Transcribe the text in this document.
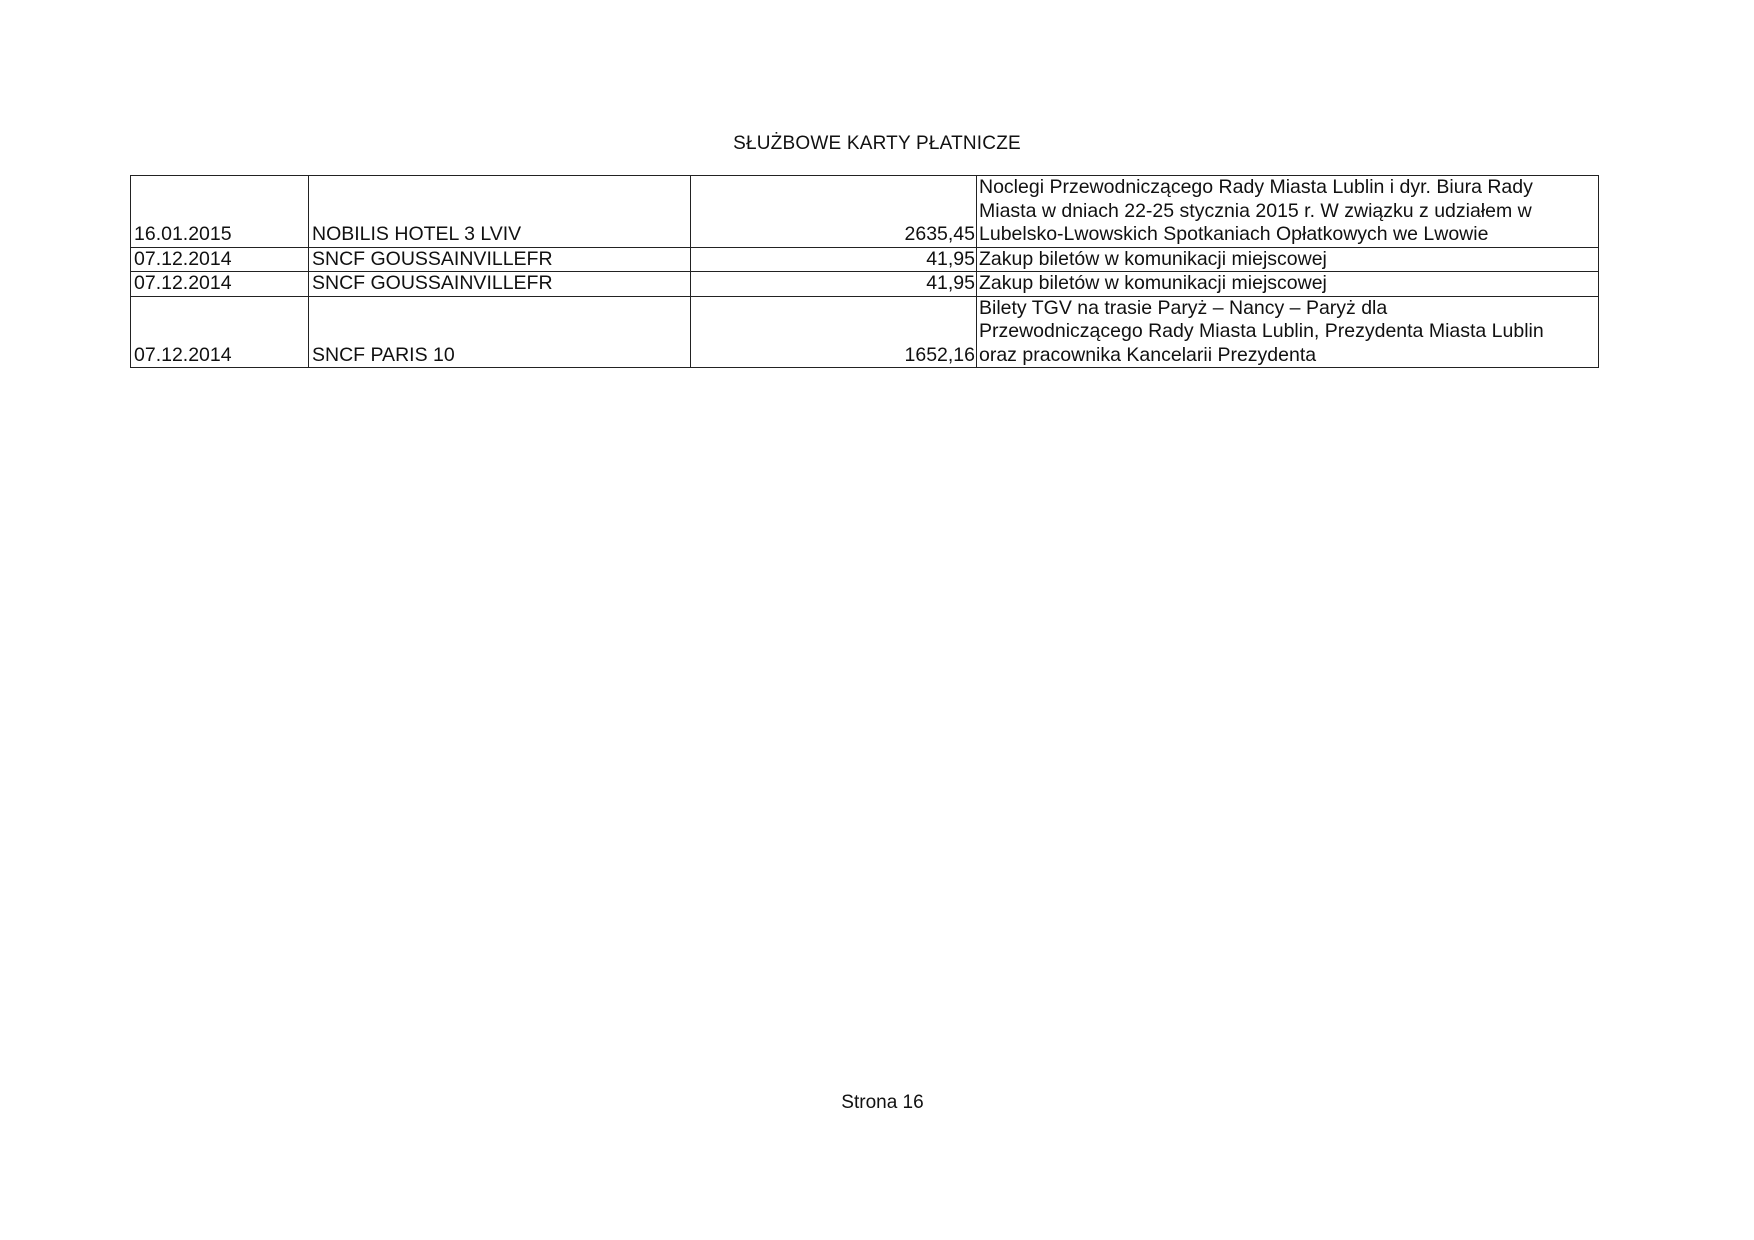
SŁUŻBOWE KARTY PŁATNICZE
16.01.2015	NOBILIS HOTEL 3 LVIV	2635,45	Noclegi Przewodniczącego Rady Miasta Lublin i dyr. Biura Rady
Miasta w dniach 22-25 stycznia 2015 r. W związku z udziałem w
Lubelsko-Lwowskich Spotkaniach Opłatkowych we Lwowie

07.12.2014	SNCF GOUSSAINVILLEFR	41,95	Zakup biletów w komunikacji miejscowej

07.12.2014	SNCF GOUSSAINVILLEFR	41,95	Zakup biletów w komunikacji miejscowej

07.12.2014	SNCF PARIS 10	1652,16	Bilety TGV na trasie Paryż – Nancy – Paryż dla
Przewodniczącego Rady Miasta Lublin, Prezydenta Miasta Lublin
oraz pracownika Kancelarii Prezydenta
Strona 16
